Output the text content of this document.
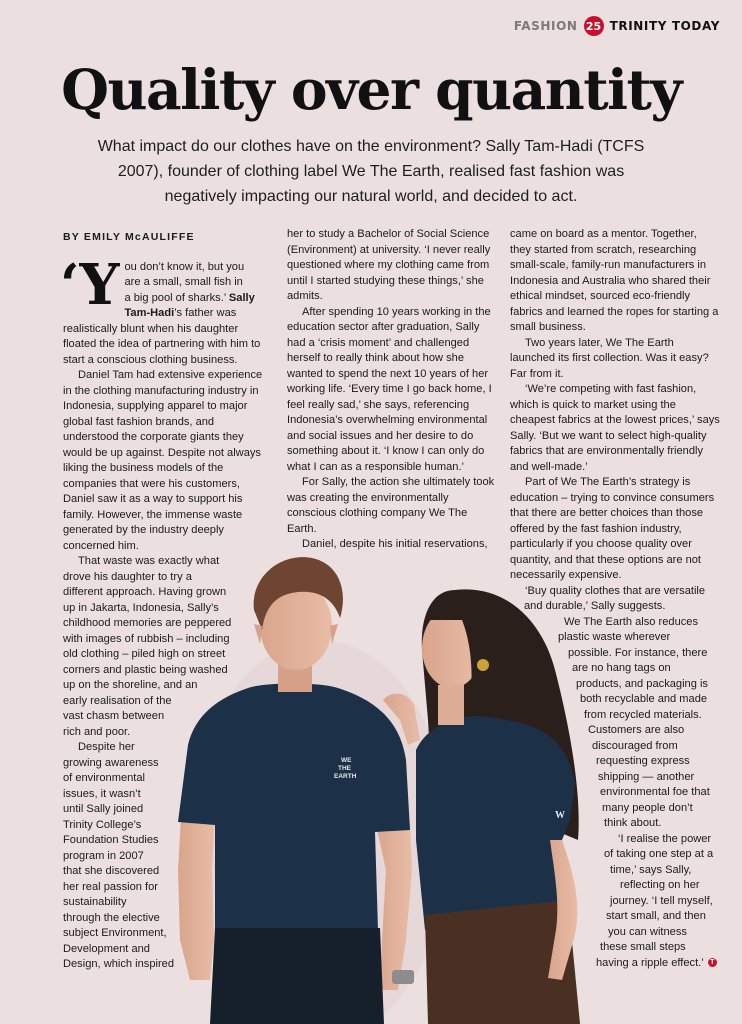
FASHION 25 TRINITY TODAY
Quality over quantity

What impact do our clothes have on the environment? Sally Tam-Hadi (TCFS 2007), founder of clothing label We The Earth, realised fast fashion was negatively impacting our natural world, and decided to act.

W
WE
THE
EARTH
BY EMILY McAULIFFE

‘Y ou don’t know it, but you
are a small, small fish in
a big pool of sharks.’ Sally Tam-Hadi’s father was realistically blunt when his daughter floated the idea of partnering with him to start a conscious clothing business.

Daniel Tam had extensive experience in the clothing manufacturing industry in Indonesia, supplying apparel to major global fast fashion brands, and understood the corporate giants they would be up against. Despite not always liking the business models of the companies that were his customers, Daniel saw it as a way to support his family. However, the immense waste generated by the industry deeply concerned him.

That waste was exactly what
drove his daughter to try a
different approach. Having grown
up in Jakarta, Indonesia, Sally’s
childhood memories are peppered
with images of rubbish – including
old clothing – piled high on street
corners and plastic being washed
up on the shoreline, and an
early realisation of the
vast chasm between
rich and poor.

Despite her
growing awareness
of environmental
issues, it wasn’t
until Sally joined
Trinity College’s
Foundation Studies
program in 2007
that she discovered
her real passion for
sustainability
through the elective
subject Environment,
Development and
Design, which inspired

her to study a Bachelor of Social Science (Environment) at university. ‘I never really questioned where my clothing came from until I started studying these things,’ she admits.

After spending 10 years working in the education sector after graduation, Sally had a ‘crisis moment’ and challenged herself to really think about how she wanted to spend the next 10 years of her working life. ‘Every time I go back home, I feel really sad,’ she says, referencing Indonesia’s overwhelming environmental and social issues and her desire to do something about it. ‘I know I can only do what I can as a responsible human.’

For Sally, the action she ultimately took was creating the environmentally conscious clothing company We The Earth.

Daniel, despite his initial reservations,

came on board as a mentor. Together, they started from scratch, researching small-scale, family-run manufacturers in Indonesia and Australia who shared their ethical mindset, sourced eco-friendly fabrics and learned the ropes for starting a small business.

Two years later, We The Earth launched its first collection. Was it easy? Far from it.

‘We’re competing with fast fashion, which is quick to market using the cheapest fabrics at the lowest prices,’ says Sally. ‘But we want to select high-quality fabrics that are environmentally friendly and well-made.’

Part of We The Earth’s strategy is education – trying to convince consumers that there are better choices than those offered by the fast fashion industry, particularly if you choose quality over quantity, and that these options are not necessarily expensive.

‘Buy quality clothes that are versatile
and durable,’ Sally suggests.

We The Earth also reduces
plastic waste wherever
possible. For instance, there
are no hang tags on
products, and packaging is
both recyclable and made
from recycled materials.
Customers are also
discouraged from
requesting express
shipping — another
environmental foe that
many people don’t
think about.

‘I realise the power
of taking one step at a
time,’ says Sally,
reflecting on her
journey. ‘I tell myself,
start small, and then
you can witness
these small steps
having a ripple effect.’ T
